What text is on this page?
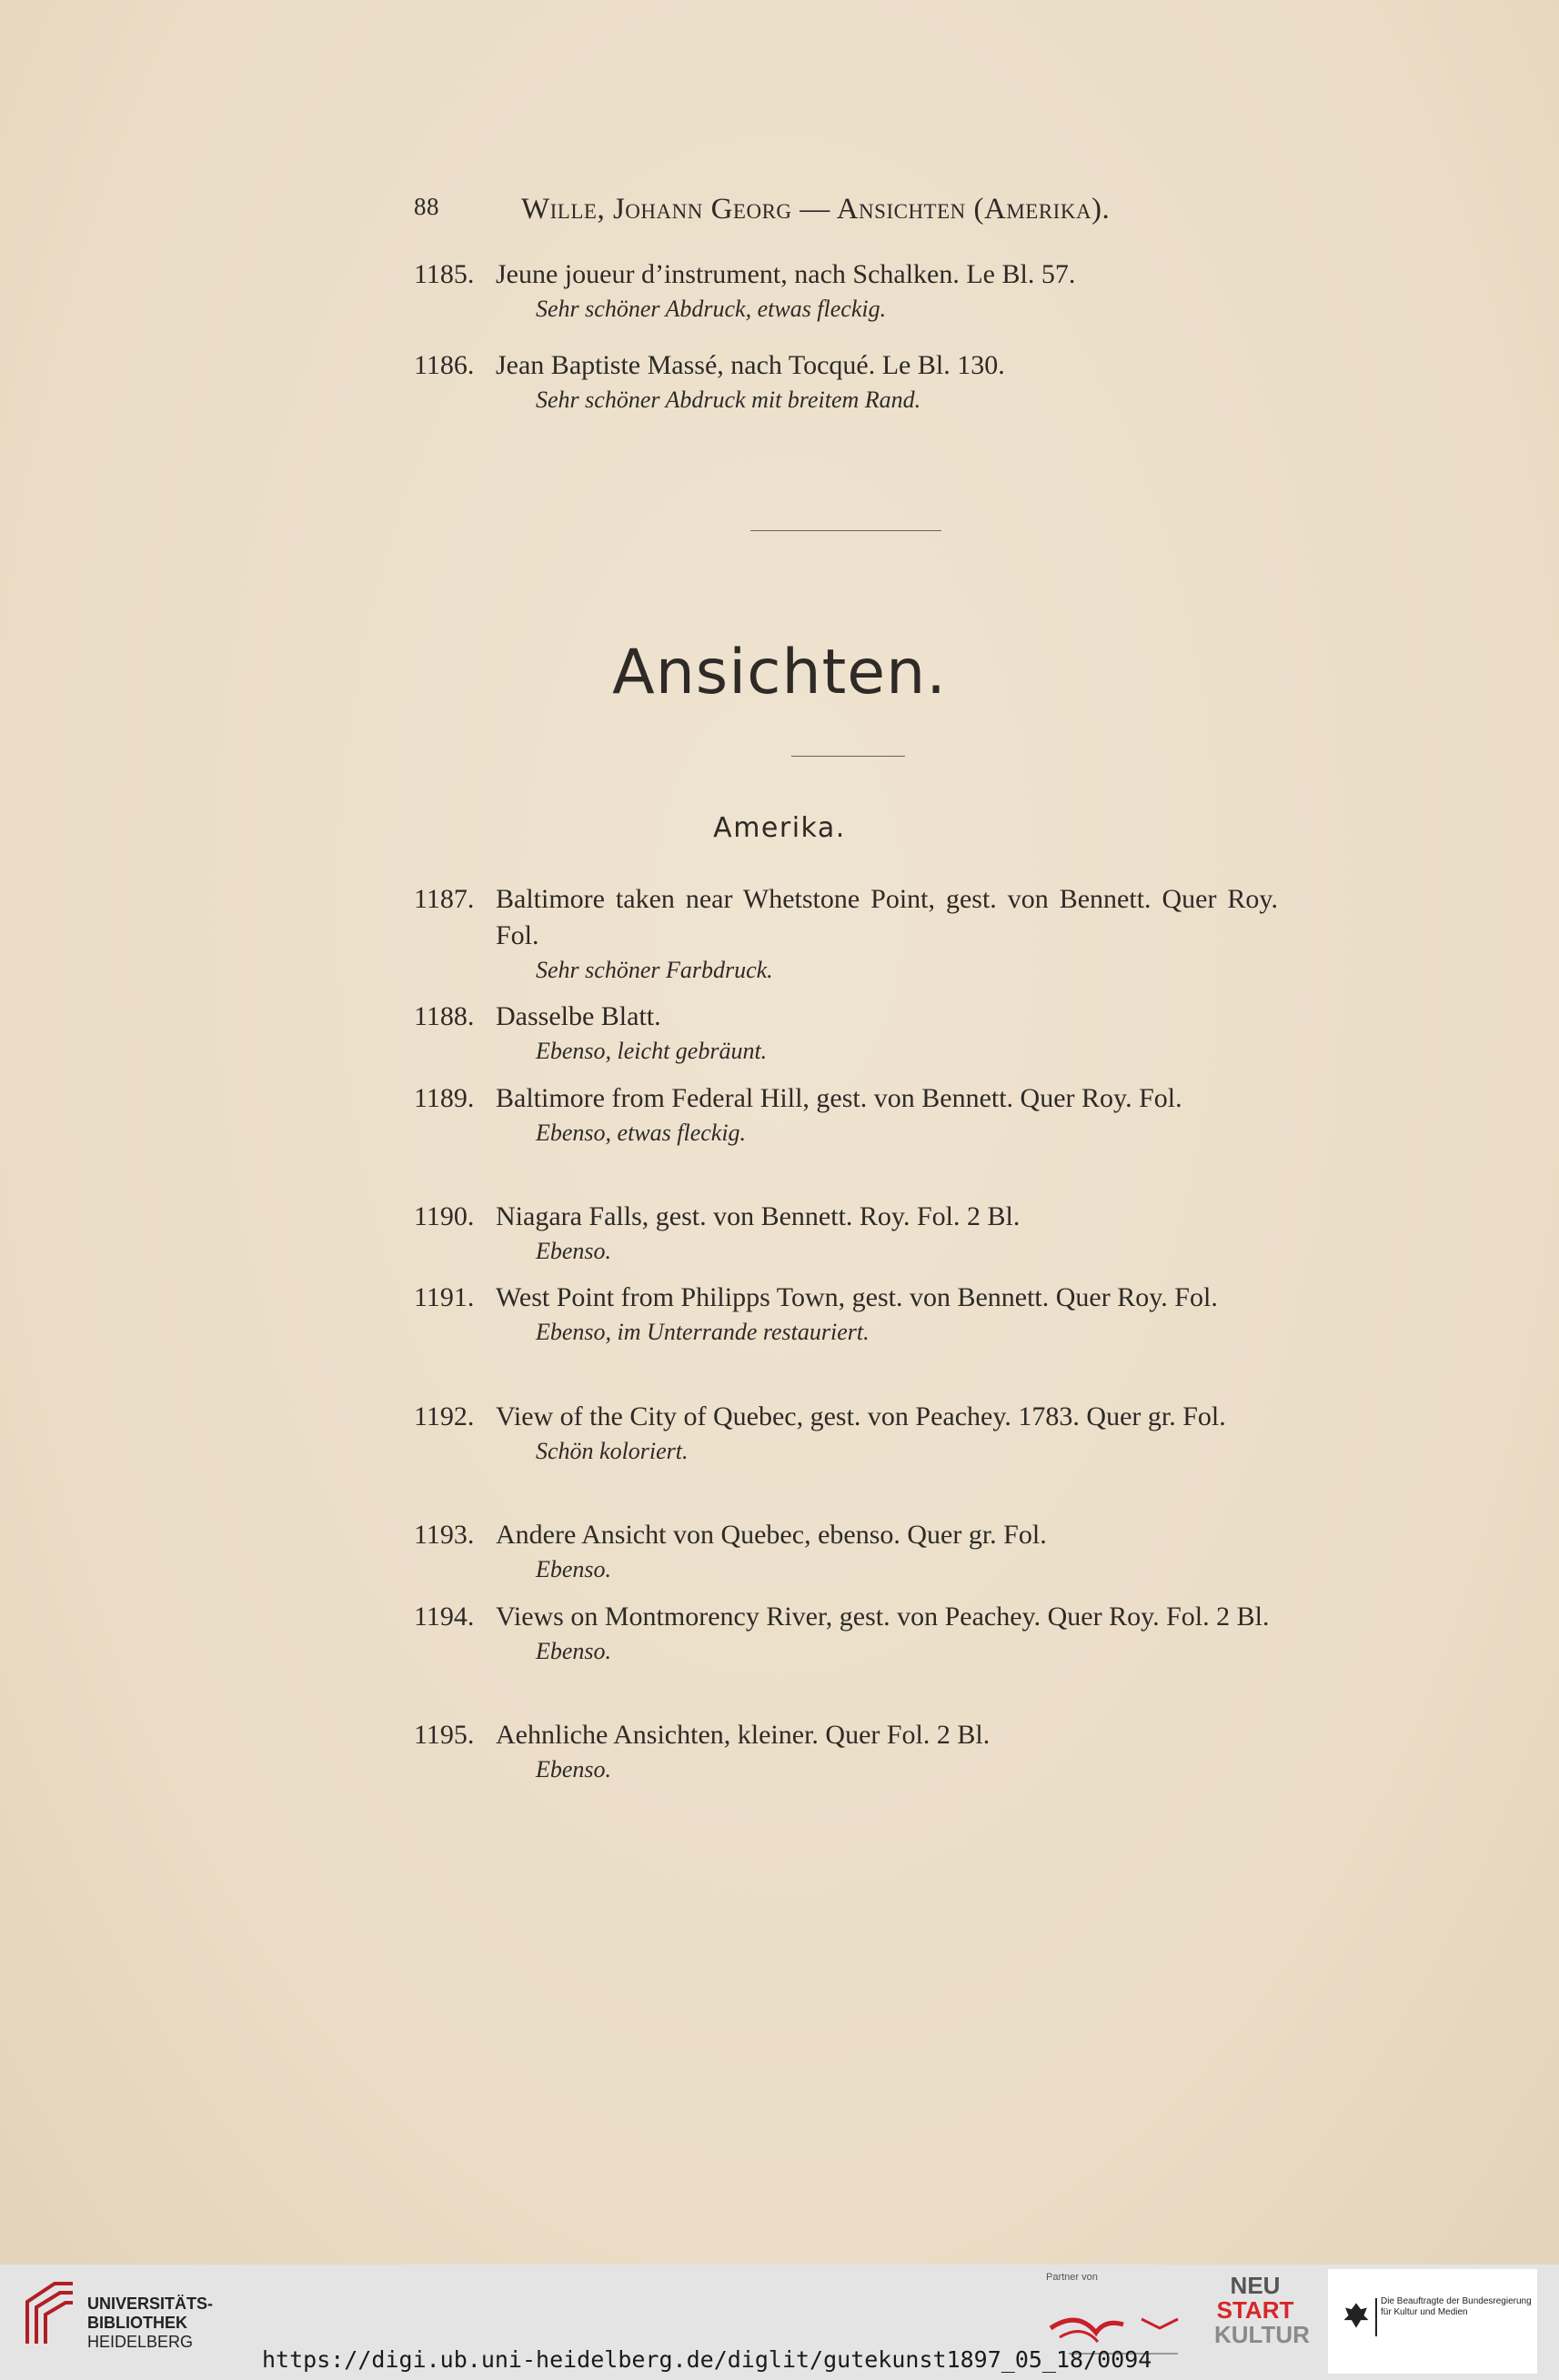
88	Wille, Johann Georg — Ansichten (Amerika).
1185. Jeune joueur d’instrument, nach Schalken. Le Bl. 57.
Sehr schöner Abdruck, etwas fleckig.
1186. Jean Baptiste Massé, nach Tocqué. Le Bl. 130.
Sehr schöner Abdruck mit breitem Rand.
Ansichten.
Amerika.
1187. Baltimore taken near Whetstone Point, gest. von Bennett. Quer Roy. Fol.
Sehr schöner Farbdruck.
1188. Dasselbe Blatt.
Ebenso, leicht gebräunt.
1189. Baltimore from Federal Hill, gest. von Bennett. Quer Roy. Fol.
Ebenso, etwas fleckig.
1190. Niagara Falls, gest. von Bennett. Roy. Fol. 2 Bl.
Ebenso.
1191. West Point from Philipps Town, gest. von Bennett. Quer Roy. Fol.
Ebenso, im Unterrande restauriert.
1192. View of the City of Quebec, gest. von Peachey. 1783. Quer gr. Fol.
Schön koloriert.
1193. Andere Ansicht von Quebec, ebenso. Quer gr. Fol.
Ebenso.
1194. Views on Montmorency River, gest. von Peachey. Quer Roy. Fol. 2 Bl.
Ebenso.
1195. Aehnliche Ansichten, kleiner. Quer Fol. 2 Bl.
Ebenso.
UNIVERSITÄTS-
BIBLIOTHEK
HEIDELBERG
Partner von	NEU
START
KULTUR
Die Beauftragte der Bundesregierung
für Kultur und Medien
https://digi.ub.uni-heidelberg.de/diglit/gutekunst1897_05_18/0094
